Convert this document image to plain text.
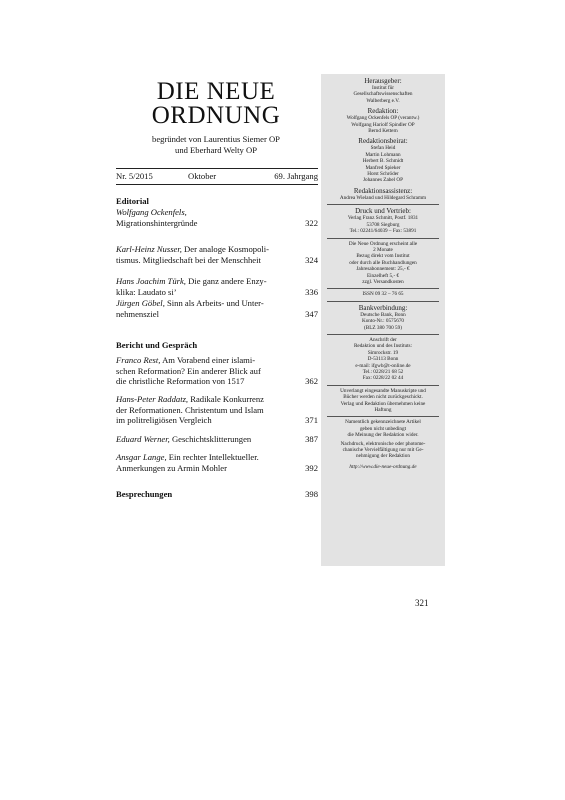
DIE NEUE
ORDNUNG
begründet von Laurentius Siemer OP
und Eberhard Welty OP
Nr. 5/2015	Oktober	69. Jahrgang
Editorial
Wolfgang Ockenfels,
Migrationshintergründe	322
Karl-Heinz Nusser, Der analoge Kosmopoli-
tismus. Mitgliedschaft bei der Menschheit	324
Hans Joachim Türk, Die ganz andere Enzy-
klika: Laudato si’	336
Jürgen Göbel, Sinn als Arbeits- und Unter-
nehmensziel	347
Bericht und Gespräch
Franco Rest, Am Vorabend einer islami-
schen Reformation? Ein anderer Blick auf
die christliche Reformation von 1517	362
Hans-Peter Raddatz, Radikale Konkurrenz
der Reformationen. Christentum und Islam
im politreligiösen Vergleich	371
Eduard Werner, Geschichtsklitterungen	387
Ansgar Lange, Ein rechter Intellektueller.
Anmerkungen zu Armin Mohler	392
Besprechungen	398
Herausgeber:
Institut für
Gesellschaftswissenschaften
Walberberg e.V.
Redaktion:
Wolfgang Ockenfels OP (verantw.)
Wolfgang Hariolf Spindler OP
Bernd Kettern
Redaktionsbeirat:
Stefan Heid
Martin Lohmann
Herbert B. Schmidt
Manfred Spieker
Horst Schröder
Johannes Zabel OP
Redaktionsassistenz:
Andrea Wieland und Hildegard Schramm
Druck und Vertrieb:
Verlag Franz Schmitt, Postf. 1831
53708 Siegburg
Tel.: 02241/64039 – Fax: 53891
Die Neue Ordnung erscheint alle
2 Monate
Bezug direkt vom Institut
oder durch alle Buchhandlungen
Jahresabonnement: 25,- €
Einzelheft 5,- €
zzgl. Versandkosten
ISSN 09 32 – 76 65
Bankverbindung:
Deutsche Bank, Bonn
Konto-Nr.: 0575670
(BLZ 380 700 59)
Anschrift der
Redaktion und des Instituts:
Simrockstr. 19
D-53113 Bonn
e-mail: ifgwb@t-online.de
Tel.: 0228/21 68 52
Fax: 0228/22 02 44
Unverlangt eingesandte Manuskripte und
Bücher werden nicht zurückgeschickt.
Verlag und Redaktion übernehmen keine
Haftung
Namentlich gekennzeichnete Artikel
geben nicht unbedingt
die Meinung der Redaktion wider.
Nachdruck, elektronische oder photome-
chanische Vervielfältigung nur mit Ge-
nehmigung der Redaktion
http://www.die-neue-ordnung.de
321
